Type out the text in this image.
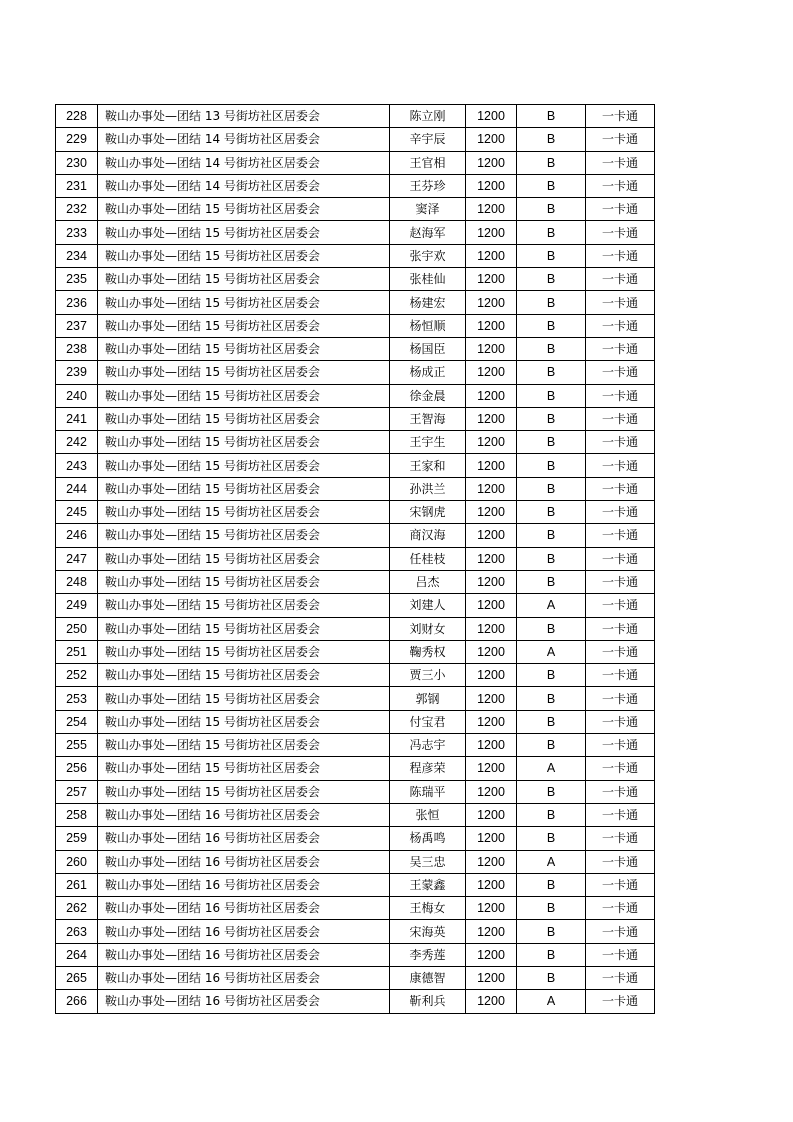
228	鞍山办事处—团结 13 号街坊社区居委会	陈立刚	1200	B	一卡通
229	鞍山办事处—团结 14 号街坊社区居委会	辛宇辰	1200	B	一卡通
230	鞍山办事处—团结 14 号街坊社区居委会	王官相	1200	B	一卡通
231	鞍山办事处—团结 14 号街坊社区居委会	王芬珍	1200	B	一卡通
232	鞍山办事处—团结 15 号街坊社区居委会	窦泽	1200	B	一卡通
233	鞍山办事处—团结 15 号街坊社区居委会	赵海军	1200	B	一卡通
234	鞍山办事处—团结 15 号街坊社区居委会	张宇欢	1200	B	一卡通
235	鞍山办事处—团结 15 号街坊社区居委会	张桂仙	1200	B	一卡通
236	鞍山办事处—团结 15 号街坊社区居委会	杨建宏	1200	B	一卡通
237	鞍山办事处—团结 15 号街坊社区居委会	杨恒顺	1200	B	一卡通
238	鞍山办事处—团结 15 号街坊社区居委会	杨国臣	1200	B	一卡通
239	鞍山办事处—团结 15 号街坊社区居委会	杨成正	1200	B	一卡通
240	鞍山办事处—团结 15 号街坊社区居委会	徐金晨	1200	B	一卡通
241	鞍山办事处—团结 15 号街坊社区居委会	王智海	1200	B	一卡通
242	鞍山办事处—团结 15 号街坊社区居委会	王宇生	1200	B	一卡通
243	鞍山办事处—团结 15 号街坊社区居委会	王家和	1200	B	一卡通
244	鞍山办事处—团结 15 号街坊社区居委会	孙洪兰	1200	B	一卡通
245	鞍山办事处—团结 15 号街坊社区居委会	宋钢虎	1200	B	一卡通
246	鞍山办事处—团结 15 号街坊社区居委会	商汉海	1200	B	一卡通
247	鞍山办事处—团结 15 号街坊社区居委会	任桂枝	1200	B	一卡通
248	鞍山办事处—团结 15 号街坊社区居委会	吕杰	1200	B	一卡通
249	鞍山办事处—团结 15 号街坊社区居委会	刘建人	1200	A	一卡通
250	鞍山办事处—团结 15 号街坊社区居委会	刘财女	1200	B	一卡通
251	鞍山办事处—团结 15 号街坊社区居委会	鞠秀权	1200	A	一卡通
252	鞍山办事处—团结 15 号街坊社区居委会	贾三小	1200	B	一卡通
253	鞍山办事处—团结 15 号街坊社区居委会	郭钢	1200	B	一卡通
254	鞍山办事处—团结 15 号街坊社区居委会	付宝君	1200	B	一卡通
255	鞍山办事处—团结 15 号街坊社区居委会	冯志宇	1200	B	一卡通
256	鞍山办事处—团结 15 号街坊社区居委会	程彦荣	1200	A	一卡通
257	鞍山办事处—团结 15 号街坊社区居委会	陈瑞平	1200	B	一卡通
258	鞍山办事处—团结 16 号街坊社区居委会	张恒	1200	B	一卡通
259	鞍山办事处—团结 16 号街坊社区居委会	杨禹鸣	1200	B	一卡通
260	鞍山办事处—团结 16 号街坊社区居委会	吴三忠	1200	A	一卡通
261	鞍山办事处—团结 16 号街坊社区居委会	王蒙鑫	1200	B	一卡通
262	鞍山办事处—团结 16 号街坊社区居委会	王梅女	1200	B	一卡通
263	鞍山办事处—团结 16 号街坊社区居委会	宋海英	1200	B	一卡通
264	鞍山办事处—团结 16 号街坊社区居委会	李秀莲	1200	B	一卡通
265	鞍山办事处—团结 16 号街坊社区居委会	康德智	1200	B	一卡通
266	鞍山办事处—团结 16 号街坊社区居委会	靳利兵	1200	A	一卡通
